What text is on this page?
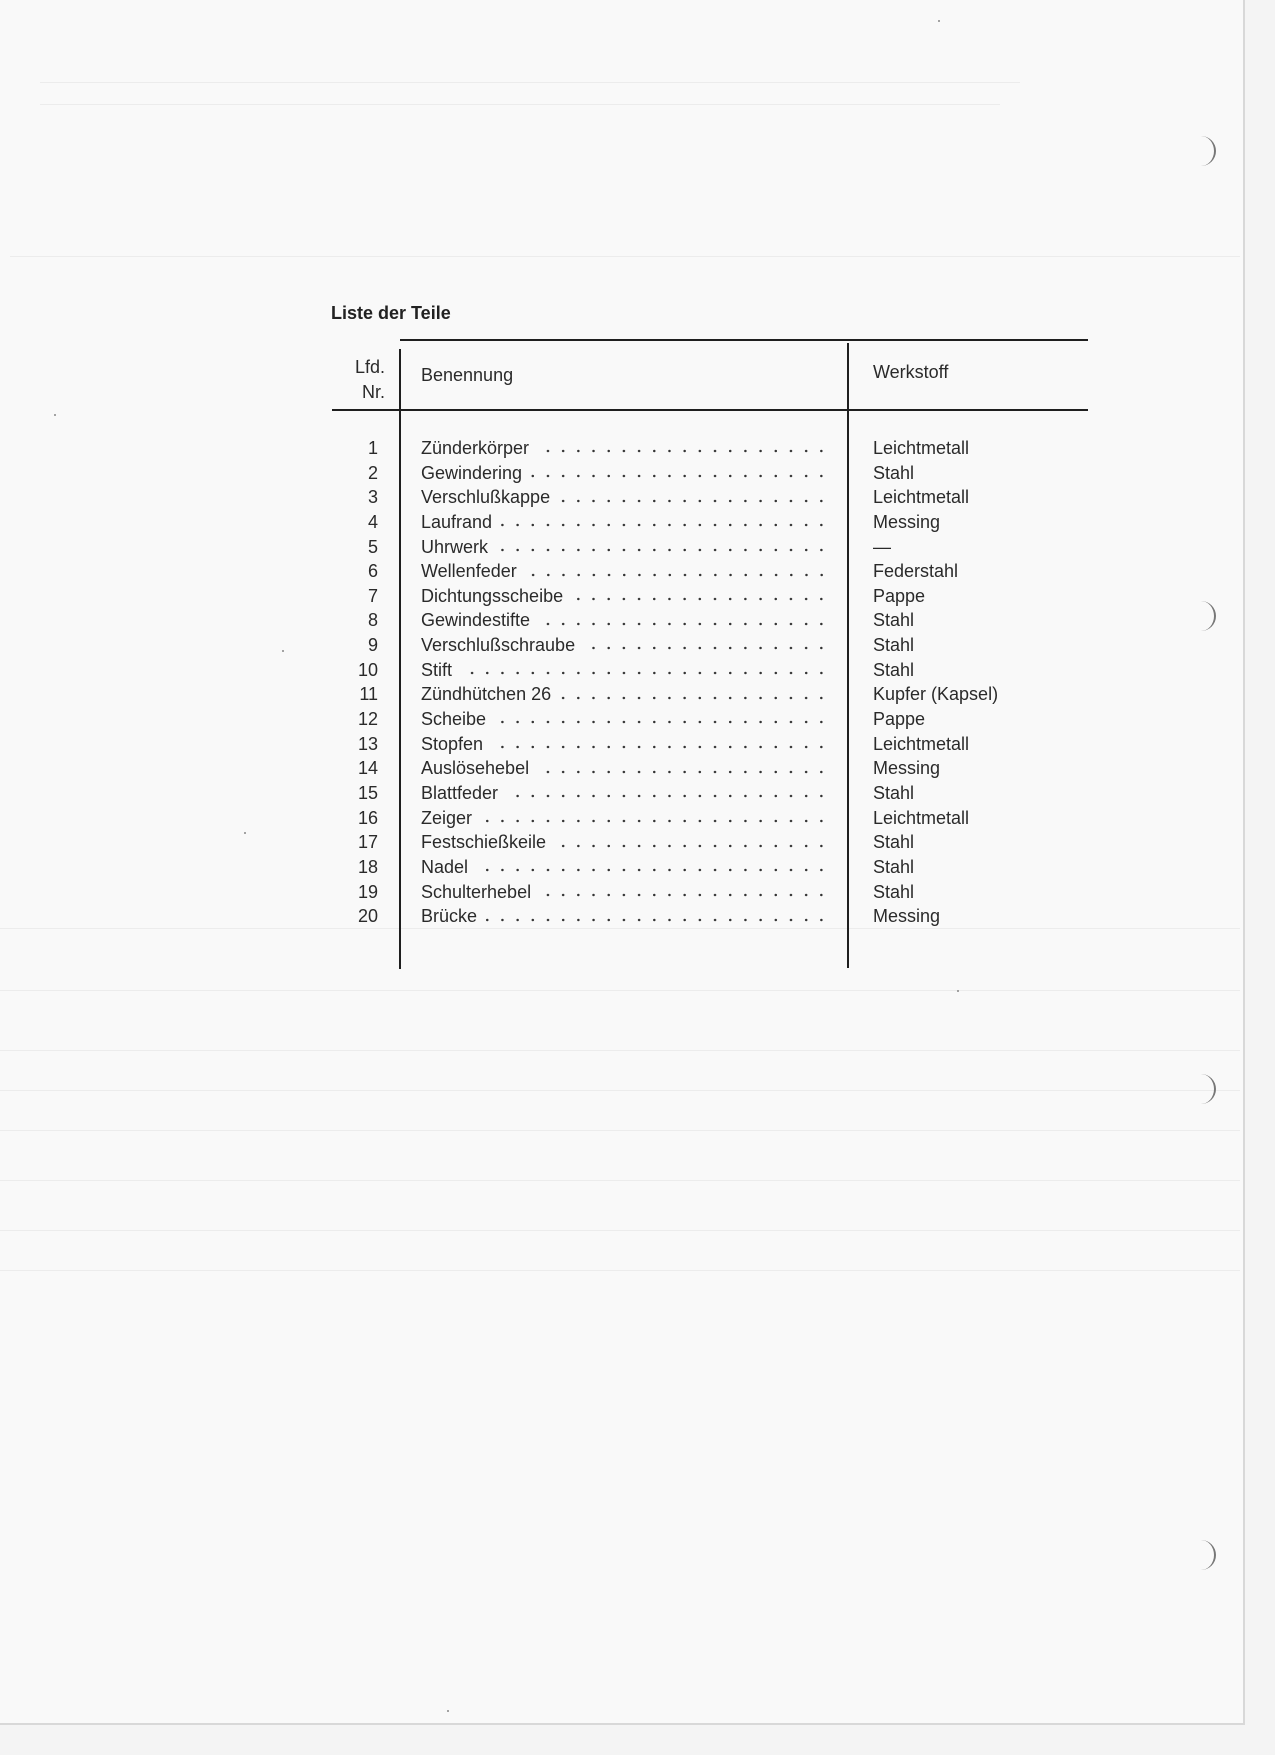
Liste der Teile
Lfd.
Nr.
Benennung	Werkstoff
1 Zünderkörper	Leichtmetall
2 Gewindering	Stahl
3 Verschlußkappe	Leichtmetall
4 Laufrand	Messing
5 Uhrwerk	—
6 Wellenfeder	Federstahl
7 Dichtungsscheibe	Pappe
8 Gewindestifte	Stahl
9 Verschlußschraube	Stahl
10 Stift	Stahl
11 Zündhütchen 26	Kupfer (Kapsel)
12 Scheibe	Pappe
13 Stopfen	Leichtmetall
14 Auslösehebel	Messing
15 Blattfeder	Stahl
16 Zeiger	Leichtmetall
17 Festschießkeile	Stahl
18 Nadel	Stahl
19 Schulterhebel	Stahl
20 Brücke	Messing
